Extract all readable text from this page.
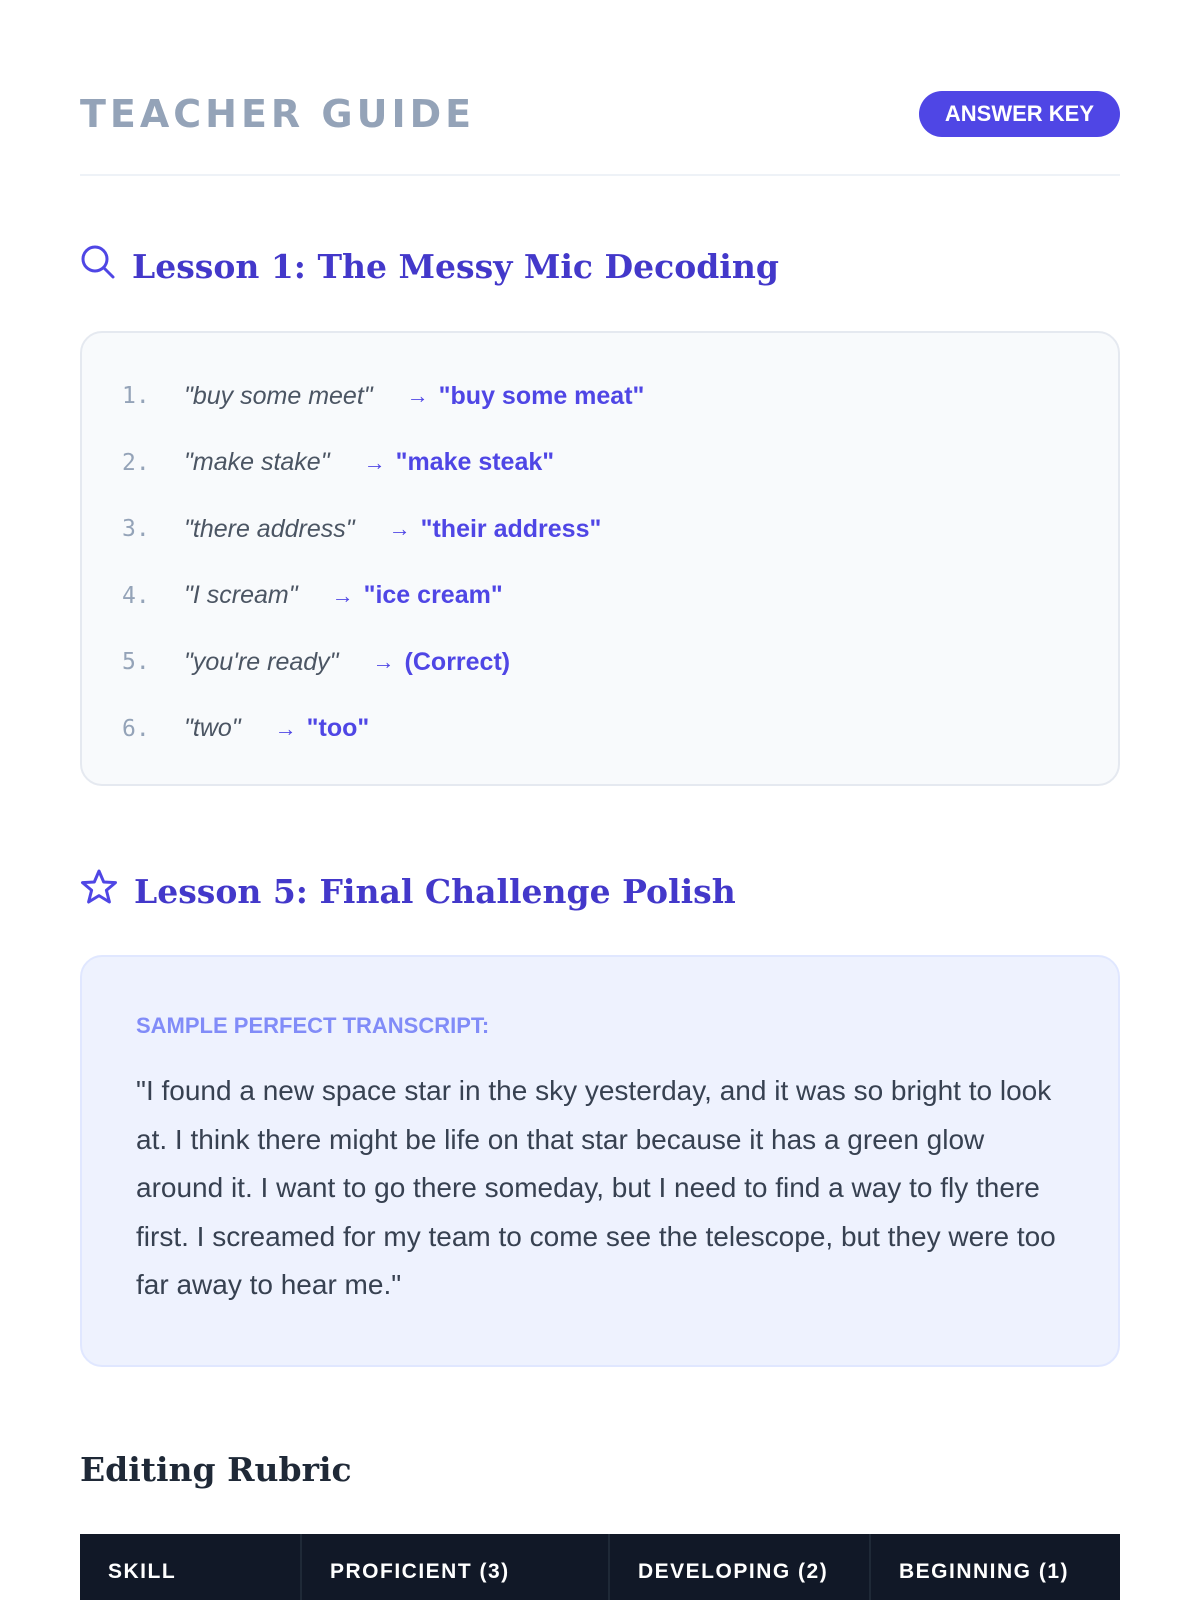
TEACHER GUIDE	ANSWER KEY
Lesson 1: The Messy Mic Decoding
1.	"buy some meet" → "buy some meat"
2.	"make stake" → "make steak"
3.	"there address" → "their address"
4.	"I scream" → "ice cream"
5.	"you're ready" → (Correct)
6.	"two" → "too"
Lesson 5: Final Challenge Polish
SAMPLE PERFECT TRANSCRIPT:

"I found a new space star in the sky yesterday, and it was so bright to look at. I think there might be life on that star because it has a green glow around it. I want to go there someday, but I need to find a way to fly there first. I screamed for my team to come see the telescope, but they were too far away to hear me."

Editing Rubric
SKILL	PROFICIENT (3)	DEVELOPING (2)	BEGINNING (1)
